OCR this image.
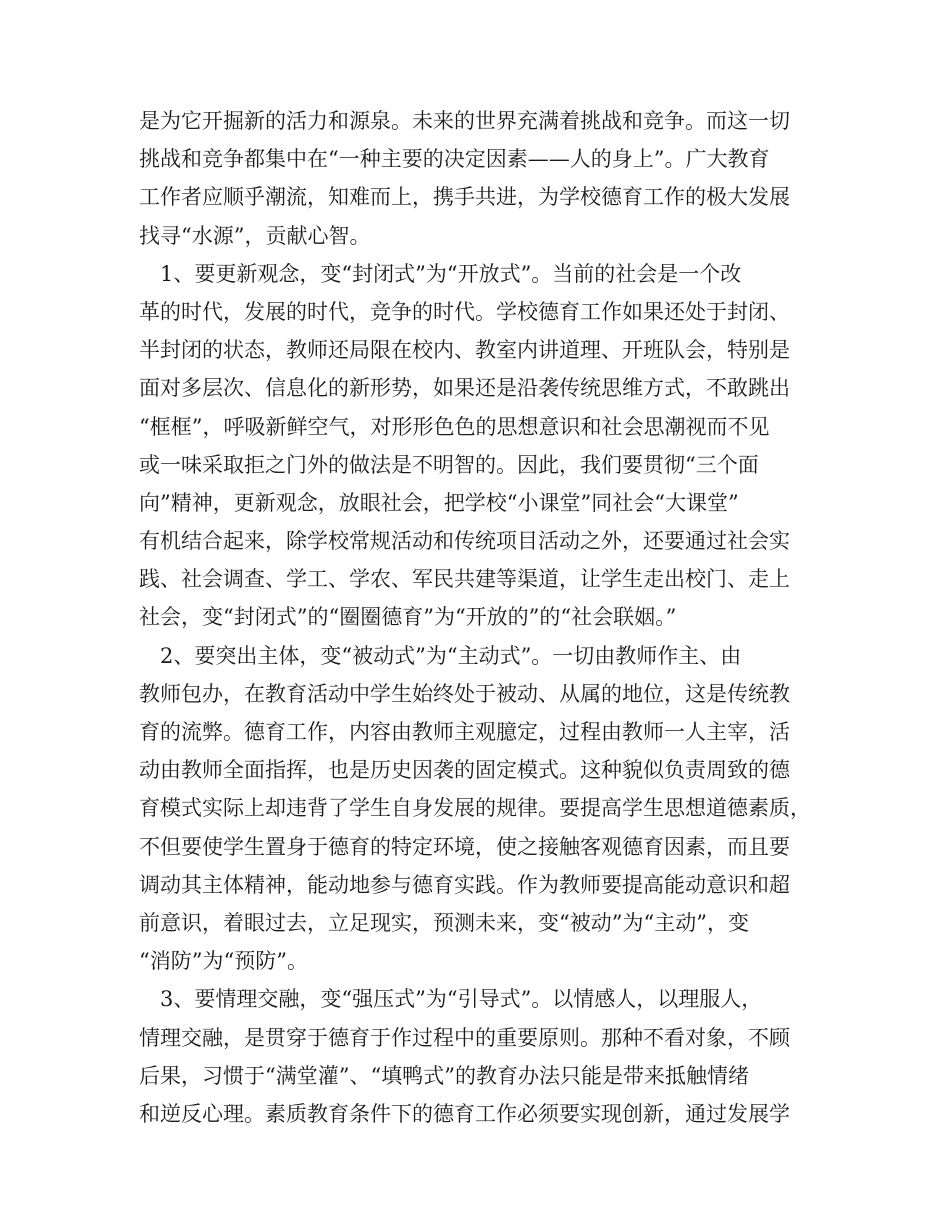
是为它开掘新的活力和源泉。未来的世界充满着挑战和竞争。而这一切
挑战和竞争都集中在“一种主要的决定因素——人的身上”。广大教育
工作者应顺乎潮流，知难而上，携手共进，为学校德育工作的极大发展
找寻“水源”，贡献心智。
1、要更新观念，变“封闭式”为“开放式”。当前的社会是一个改
革的时代，发展的时代，竞争的时代。学校德育工作如果还处于封闭、
半封闭的状态，教师还局限在校内、教室内讲道理、开班队会，特别是
面对多层次、信息化的新形势，如果还是沿袭传统思维方式，不敢跳出
“框框”，呼吸新鲜空气，对形形色色的思想意识和社会思潮视而不见
或一味采取拒之门外的做法是不明智的。因此，我们要贯彻“三个面
向”精神，更新观念，放眼社会，把学校“小课堂”同社会“大课堂”
有机结合起来，除学校常规活动和传统项目活动之外，还要通过社会实
践、社会调查、学工、学农、军民共建等渠道，让学生走出校门、走上
社会，变“封闭式”的“圈圈德育”为“开放的”的“社会联姻。”
2、要突出主体，变“被动式”为“主动式”。一切由教师作主、由
教师包办，在教育活动中学生始终处于被动、从属的地位，这是传统教
育的流弊。德育工作，内容由教师主观臆定，过程由教师一人主宰，活
动由教师全面指挥，也是历史因袭的固定模式。这种貌似负责周致的德
育模式实际上却违背了学生自身发展的规律。要提高学生思想道德素质，
不但要使学生置身于德育的特定环境，使之接触客观德育因素，而且要
调动其主体精神，能动地参与德育实践。作为教师要提高能动意识和超
前意识，着眼过去，立足现实，预测未来，变“被动”为“主动”，变
“消防”为“预防”。
3、要情理交融，变“强压式”为“引导式”。以情感人，以理服人，
情理交融，是贯穿于德育于作过程中的重要原则。那种不看对象，不顾
后果，习惯于“满堂灌”、“填鸭式”的教育办法只能是带来抵触情绪
和逆反心理。素质教育条件下的德育工作必须要实现创新，通过发展学
